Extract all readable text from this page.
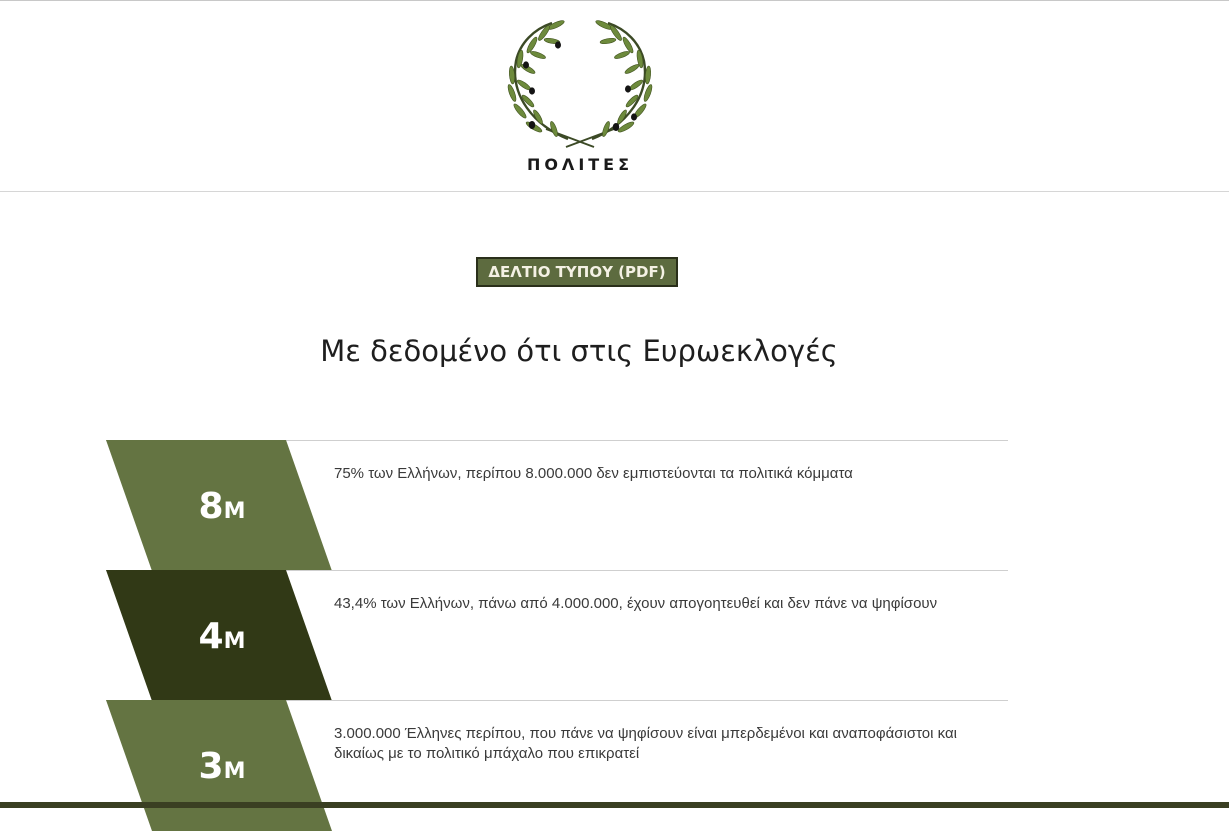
ΠΟΛΙΤΕΣ
ΔΕΛΤΙΟ ΤΥΠΟΥ (PDF)
Με δεδομένο ότι στις Ευρωεκλογές
8M
75% των Ελλήνων, περίπου 8.000.000 δεν εμπιστεύονται τα πολιτικά κόμματα
4M
43,4% των Ελλήνων, πάνω από 4.000.000, έχουν απογοητευθεί και δεν πάνε να ψηφίσουν
3M
3.000.000 Έλληνες περίπου, που πάνε να ψηφίσουν είναι μπερδεμένοι και αναποφάσιστοι και δικαίως με το πολιτικό μπάχαλο που επικρατεί
